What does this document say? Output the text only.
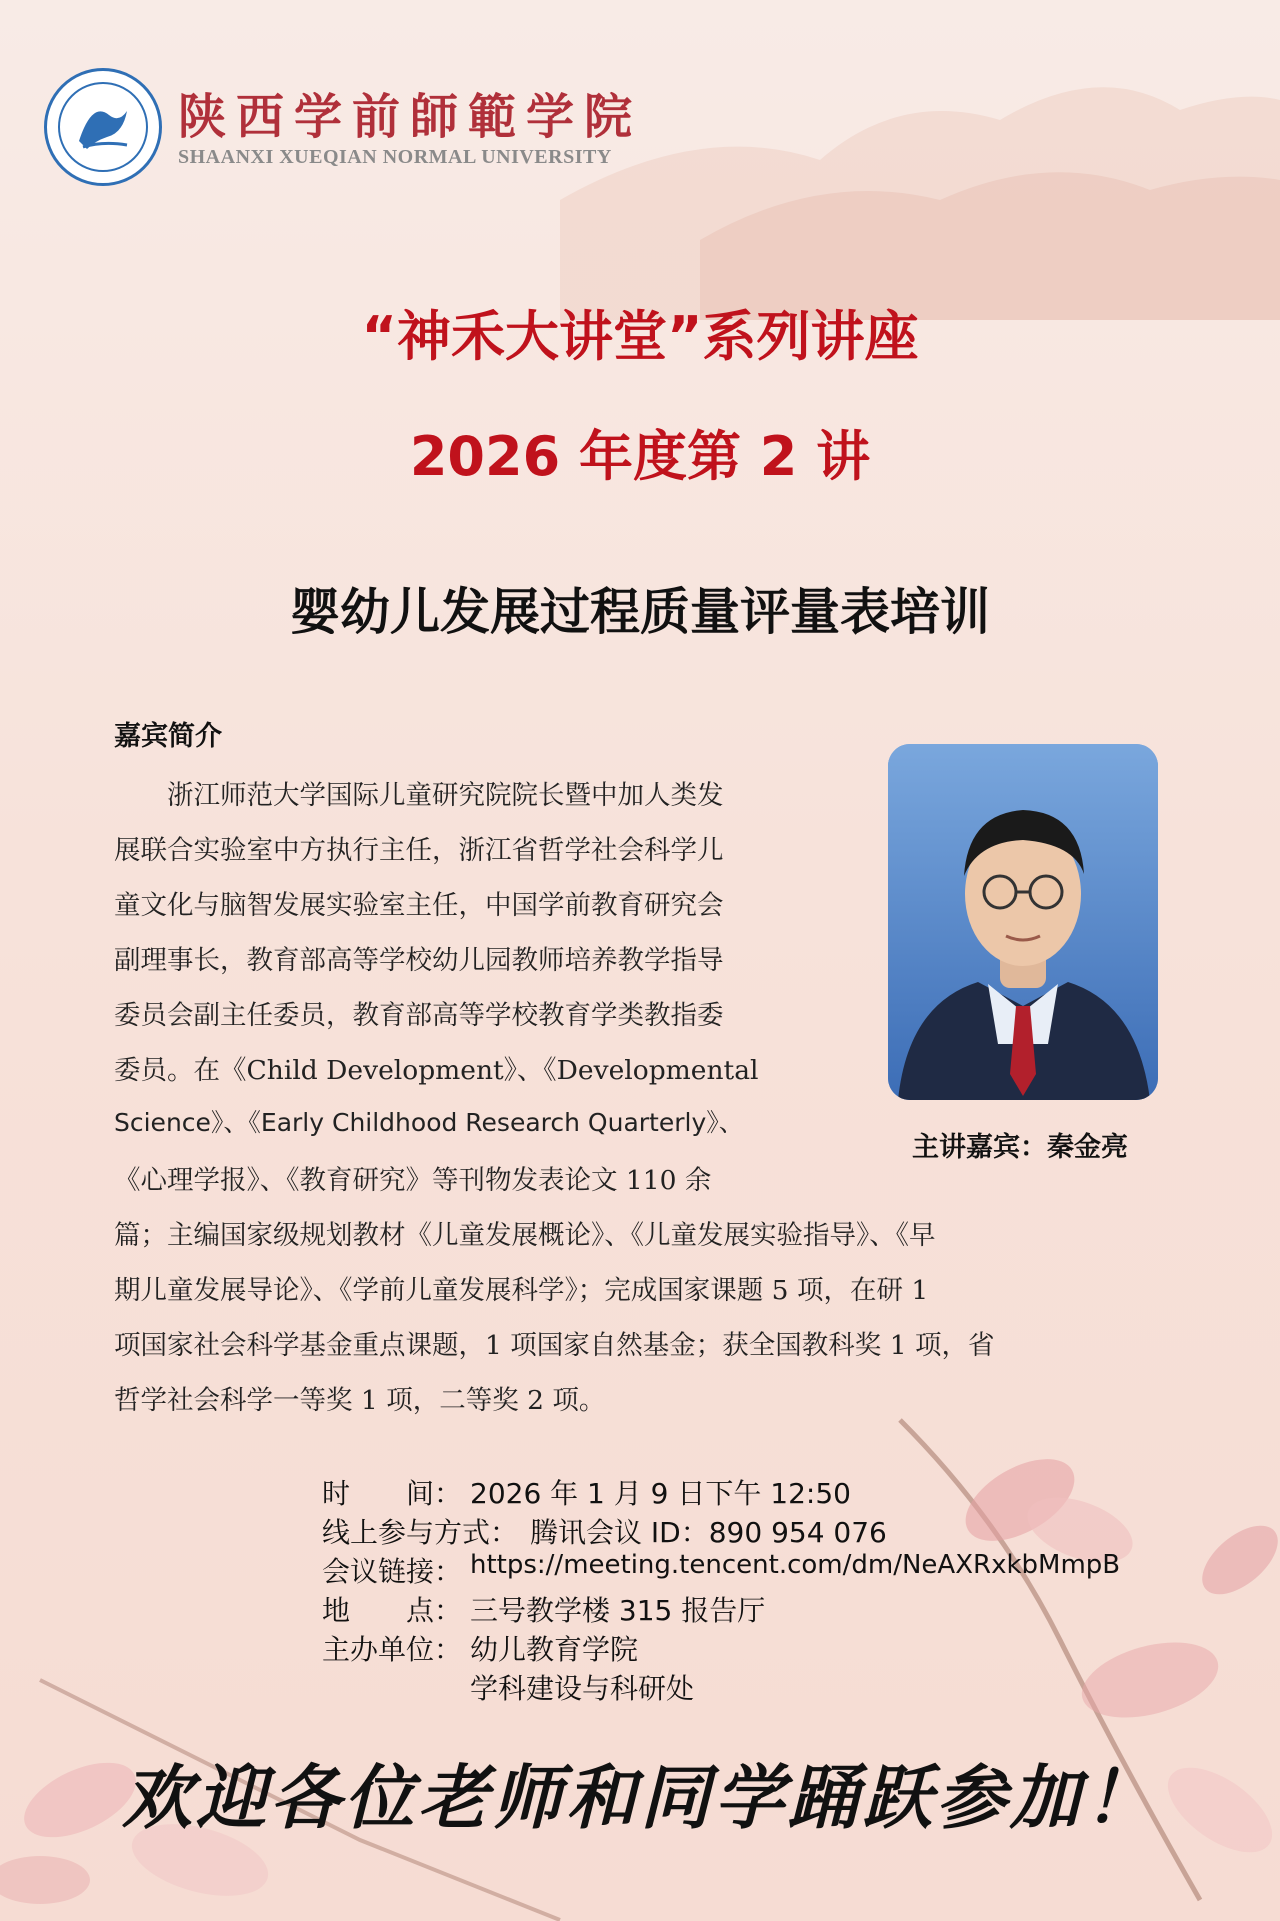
陕西学前師範学院
SHAANXI XUEQIAN NORMAL UNIVERSITY
“神禾大讲堂”系列讲座
2026 年度第 2 讲
婴幼儿发展过程质量评量表培训
嘉宾简介
　　浙江师范大学国际儿童研究院院长暨中加人类发
展联合实验室中方执行主任，浙江省哲学社会科学儿
童文化与脑智发展实验室主任，中国学前教育研究会
副理事长，教育部高等学校幼儿园教师培养教学指导
委员会副主任委员，教育部高等学校教育学类教指委
委员。在《Child Development》、《Developmental
Science》、《Early Childhood Research Quarterly》、
《心理学报》、《教育研究》等刊物发表论文 110 余
篇；主编国家级规划教材《儿童发展概论》、《儿童发展实验指导》、《早
期儿童发展导论》、《学前儿童发展科学》；完成国家课题 5 项，在研 1
项国家社会科学基金重点课题，1 项国家自然基金；获全国教科奖 1 项，省
哲学社会科学一等奖 1 项，二等奖 2 项。
主讲嘉宾：秦金亮
时　　间： 2026 年 1 月 9 日下午 12:50
线上参与方式： 腾讯会议 ID：890 954 076
会议链接： https://meeting.tencent.com/dm/NeAXRxkbMmpB
地　　点： 三号教学楼 315 报告厅
主办单位： 幼儿教育学院
学科建设与科研处
欢迎各位老师和同学踊跃参加！
